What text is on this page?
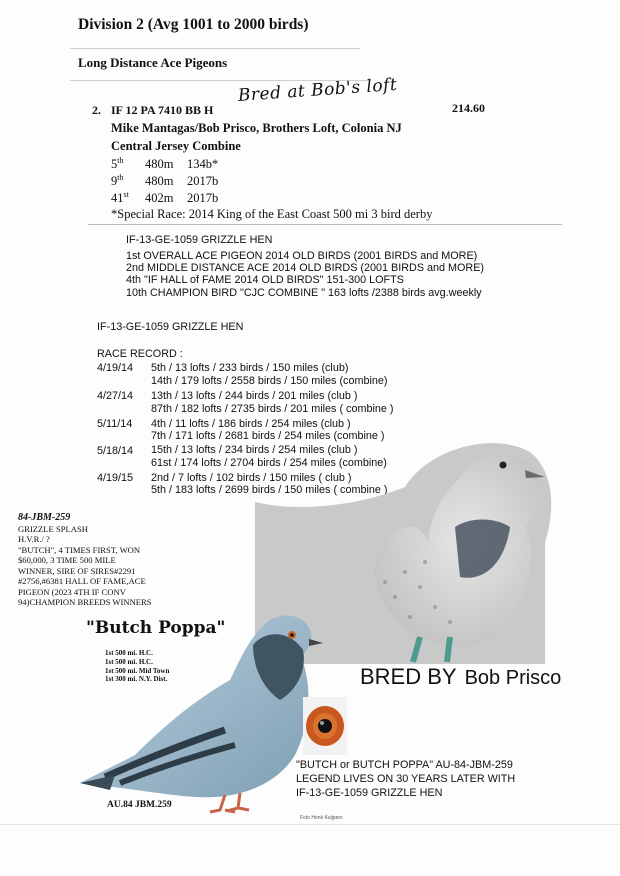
Division 2 (Avg 1001 to 2000 birds)
Long Distance Ace Pigeons
2. IF 12 PA 7410 BB H
Bred at Bob's loft
214.60
Mike Mantagas/Bob Prisco, Brothers Loft, Colonia NJ
Central Jersey Combine
5th 480m 134b*
9th 480m 2017b
41st 402m 2017b
*Special Race: 2014 King of the East Coast 500 mi 3 bird derby
IF-13-GE-1059 GRIZZLE HEN
1st OVERALL ACE PIGEON 2014 OLD BIRDS (2001 BIRDS and MORE)
2nd MIDDLE DISTANCE ACE 2014 OLD BIRDS (2001 BIRDS and MORE)
4th "IF HALL of FAME 2014 OLD BIRDS" 151-300 LOFTS
10th CHAMPION BIRD "CJC COMBINE " 163 lofts /2388 birds avg.weekly
IF-13-GE-1059 GRIZZLE HEN
RACE RECORD :
4/19/14 5th / 13 lofts / 233 birds / 150 miles (club)
14th / 179 lofts / 2558 birds / 150 miles (combine)
4/27/14 13th / 13 lofts / 244 birds / 201 miles (club )
87th / 182 lofts / 2735 birds / 201 miles ( combine )
5/11/14 4th / 11 lofts / 186 birds / 254 miles (club )
7th / 171 lofts / 2681 birds / 254 miles (combine )
5/18/14 15th / 13 lofts / 234 birds / 254 miles (club )
61st / 174 lofts / 2704 birds / 254 miles (combine)
4/19/15 2nd / 7 lofts / 102 birds / 150 miles ( club )
5th / 183 lofts / 2699 birds / 150 miles ( combine )
84-JBM-259
GRIZZLE SPLASH
H.V.R./ ?
"BUTCH", 4 TIMES FIRST, WON
$60,000, 3 TIME 500 MILE
WINNER, SIRE OF SIRES#2291
#2756,#6381 HALL OF FAME,ACE
PIGEON (2023 4TH IF CONV
94)CHAMPION BREEDS WINNERS
"Butch Poppa"
1st 500 mi. H.C.
1st 500 mi. H.C.
1st 500 mi. Mid Town
1st 300 mi. N.Y. Dist.
AU.84 JBM.259
Foto Henk Kuijpers
BRED BY Bob Prisco
"BUTCH or BUTCH POPPA" AU-84-JBM-259
LEGEND LIVES ON 30 YEARS LATER WITH
IF-13-GE-1059 GRIZZLE HEN
